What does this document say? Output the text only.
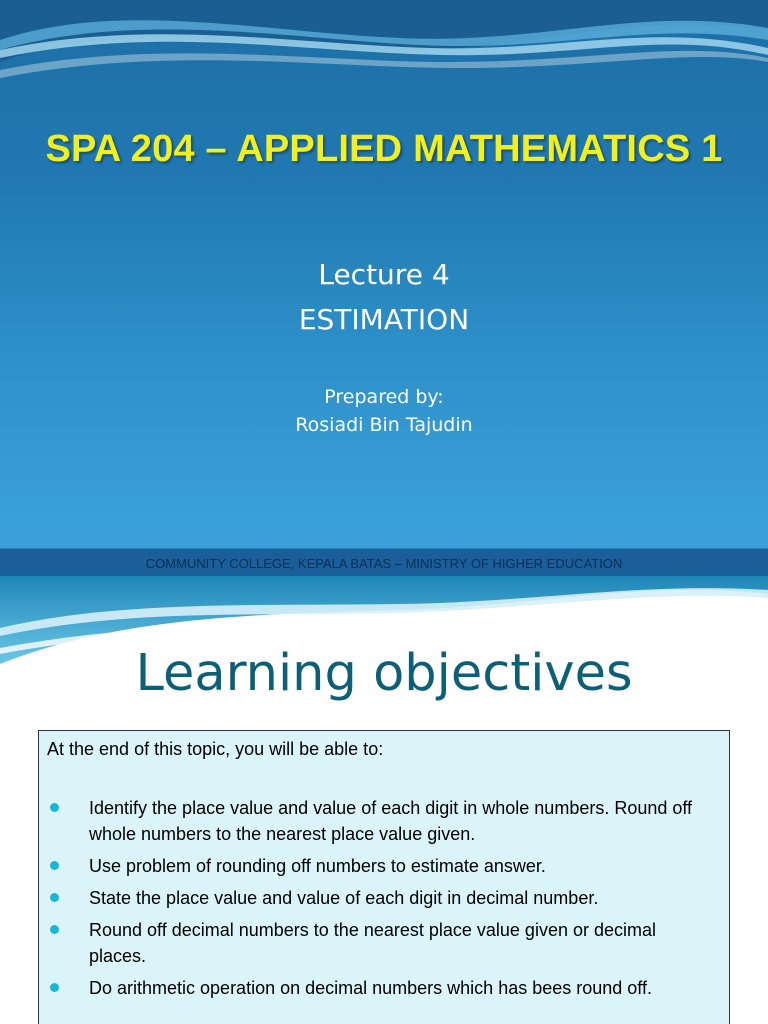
SPA 204 – APPLIED MATHEMATICS 1
Lecture 4
ESTIMATION
Prepared by:
Rosiadi Bin Tajudin
COMMUNITY COLLEGE, KEPALA BATAS – MINISTRY OF HIGHER EDUCATION
Learning objectives
At the end of this topic, you will be able to:
Identify the place value and value of each digit in whole numbers. Round off whole numbers to the nearest place value given.
Use problem of rounding off numbers to estimate answer.
State the place value and value of each digit in decimal number.
Round off decimal numbers to the nearest place value given or decimal places.
Do arithmetic operation on decimal numbers which has bees round off.
